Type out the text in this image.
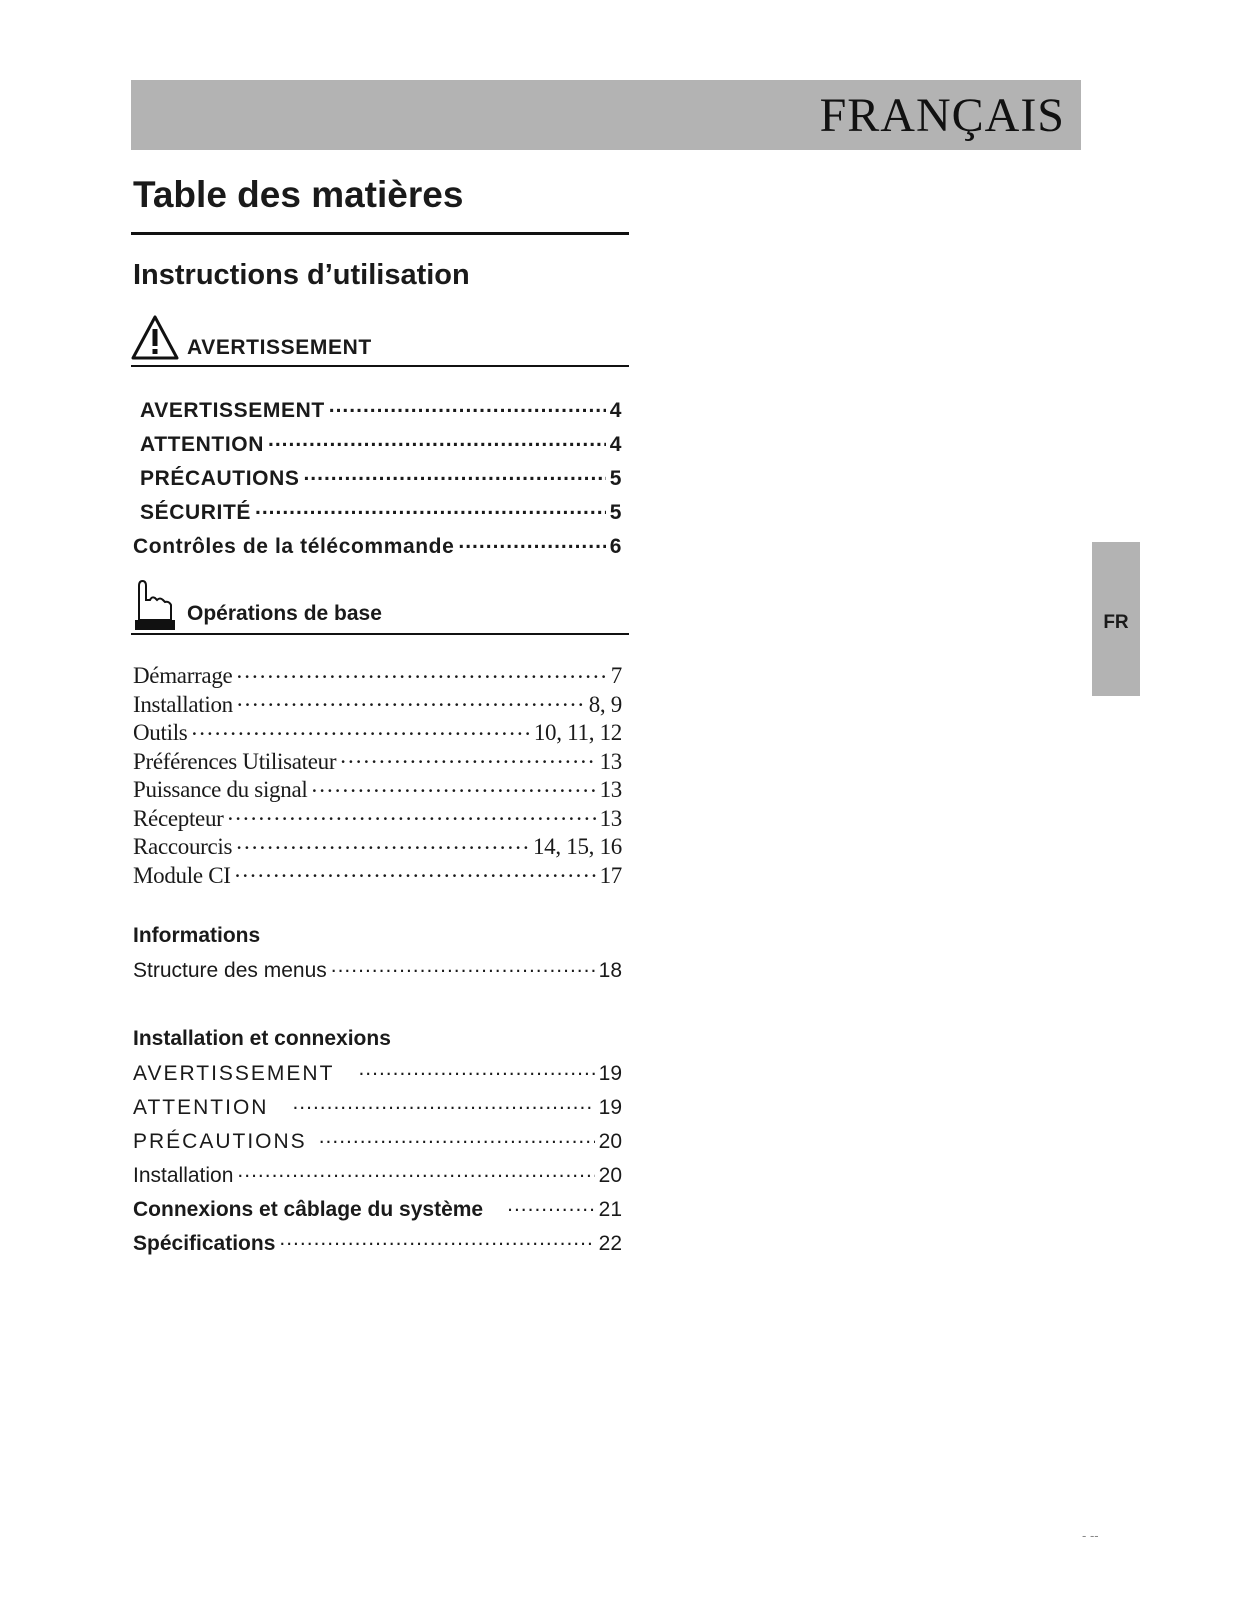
FRANÇAIS
Table des matières
Instructions d’utilisation
AVERTISSEMENT
AVERTISSEMENT .....	4
ATTENTION .....	4
PRÉCAUTIONS .....	5
SÉCURITÉ .....	5
Contrôles de la télécommande .....	6
Opérations de base
Démarrage .....	7
Installation .....	8, 9
Outils .....	10, 11, 12
Préférences Utilisateur .....	13
Puissance du signal .....	13
Récepteur .....	13
Raccourcis .....	14, 15, 16
Module CI .....	17
Informations
Structure des menus .....	18
Installation et connexions
AVERTISSEMENT .....	19
ATTENTION .....	19
PRÉCAUTIONS .....	20
Installation .....	20
Connexions et câblage du système .....	21
Spécifications .....	22
FR
- --
